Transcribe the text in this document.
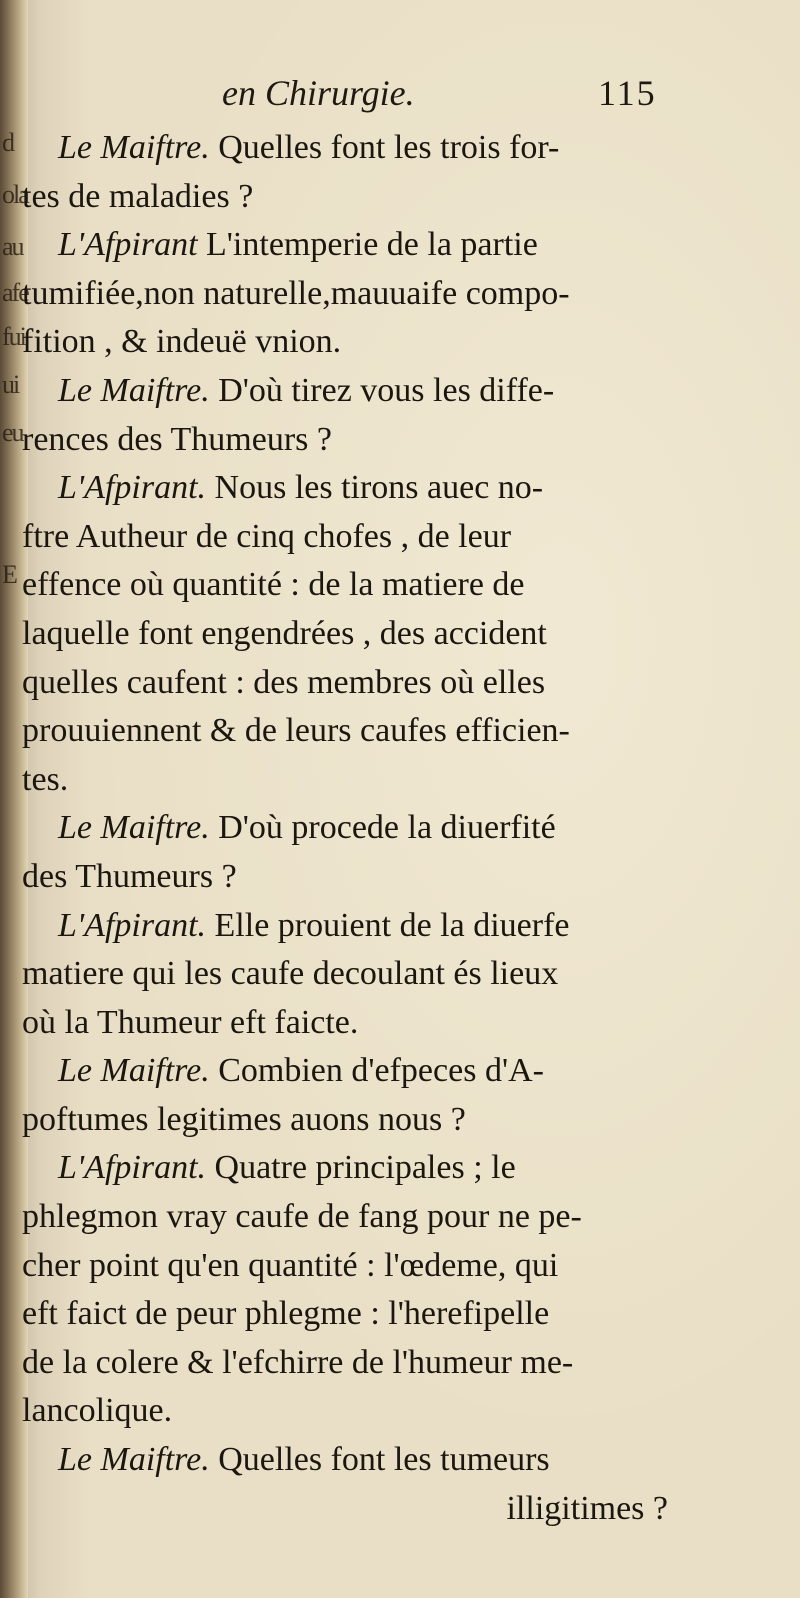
d
ola
au
afe
fui
ui
eu
E
en Chirurgie.	115
Le Maiftre. Quelles font les trois for-
tes de maladies ?
L'Afpirant L'intemperie de la partie
tumifiée,non naturelle,mauuaife compo-
fition , & indeuë vnion.
Le Maiftre. D'où tirez vous les diffe-
rences des Thumeurs ?
L'Afpirant. Nous les tirons auec no-
ftre Autheur de cinq chofes , de leur
effence où quantité : de la matiere de
laquelle font engendrées , des accident
quelles caufent : des membres où elles
prouuiennent & de leurs caufes efficien-
tes.
Le Maiftre. D'où procede la diuerfité
des Thumeurs ?
L'Afpirant. Elle prouient de la diuerfe
matiere qui les caufe decoulant és lieux
où la Thumeur eft faicte.
Le Maiftre. Combien d'efpeces d'A-
poftumes legitimes auons nous ?
L'Afpirant. Quatre principales ; le
phlegmon vray caufe de fang pour ne pe-
cher point qu'en quantité : l'œdeme, qui
eft faict de peur phlegme : l'herefipelle
de la colere & l'efchirre de l'humeur me-
lancolique.
Le Maiftre. Quelles font les tumeurs
illigitimes ?
